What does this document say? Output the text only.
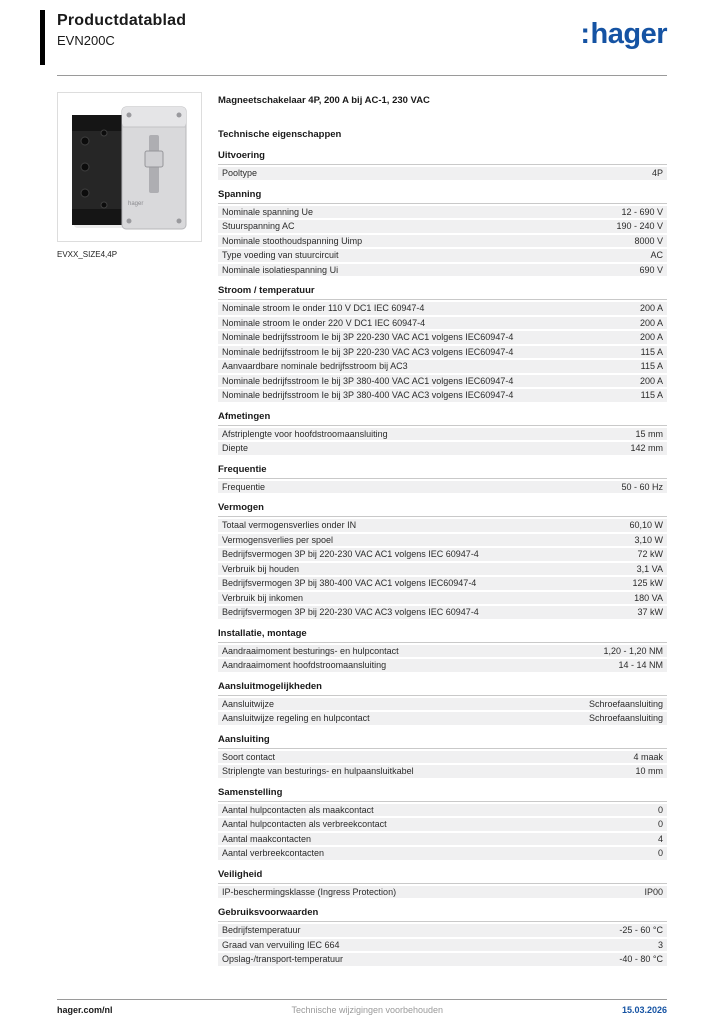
Productdatablad
EVN200C	:hager
hager
EVXX_SIZE4,4P
Magneetschakelaar 4P, 200 A bij AC-1, 230 VAC
Technische eigenschappen
Uitvoering
Pooltype	4P
Spanning
Nominale spanning Ue	12 - 690 V
Stuurspanning AC	190 - 240 V
Nominale stoothoudspanning Uimp	8000 V
Type voeding van stuurcircuit	AC
Nominale isolatiespanning Ui	690 V
Stroom / temperatuur
Nominale stroom Ie onder 110 V DC1 IEC 60947-4	200 A
Nominale stroom Ie onder 220 V DC1 IEC 60947-4	200 A
Nominale bedrijfsstroom Ie bij 3P 220-230 VAC AC1 volgens IEC60947-4	200 A
Nominale bedrijfsstroom Ie bij 3P 220-230 VAC AC3 volgens IEC60947-4	115 A
Aanvaardbare nominale bedrijfsstroom bij AC3	115 A
Nominale bedrijfsstroom Ie bij 3P 380-400 VAC AC1 volgens IEC60947-4	200 A
Nominale bedrijfsstroom Ie bij 3P 380-400 VAC AC3 volgens IEC60947-4	115 A
Afmetingen
Afstriplengte voor hoofdstroomaansluiting	15 mm
Diepte	142 mm
Frequentie
Frequentie	50 - 60 Hz
Vermogen
Totaal vermogensverlies onder IN	60,10 W
Vermogensverlies per spoel	3,10 W
Bedrijfsvermogen 3P bij 220-230 VAC AC1 volgens IEC 60947-4	72 kW
Verbruik bij houden	3,1 VA
Bedrijfsvermogen 3P bij 380-400 VAC AC1 volgens IEC60947-4	125 kW
Verbruik bij inkomen	180 VA
Bedrijfsvermogen 3P bij 220-230 VAC AC3 volgens IEC 60947-4	37 kW
Installatie, montage
Aandraaimoment besturings- en hulpcontact	1,20 - 1,20 NM
Aandraaimoment hoofdstroomaansluiting	14 - 14 NM
Aansluitmogelijkheden
Aansluitwijze	Schroefaansluiting
Aansluitwijze regeling en hulpcontact	Schroefaansluiting
Aansluiting
Soort contact	4 maak
Striplengte van besturings- en hulpaansluitkabel	10 mm
Samenstelling
Aantal hulpcontacten als maakcontact	0
Aantal hulpcontacten als verbreekcontact	0
Aantal maakcontacten	4
Aantal verbreekcontacten	0
Veiligheid
IP-beschermingsklasse (Ingress Protection)	IP00
Gebruiksvoorwaarden
Bedrijfstemperatuur	-25 - 60 °C
Graad van vervuiling IEC 664	3
Opslag-/transport-temperatuur	-40 - 80 °C
hager.com/nl	Technische wijzigingen voorbehouden	15.03.2026
